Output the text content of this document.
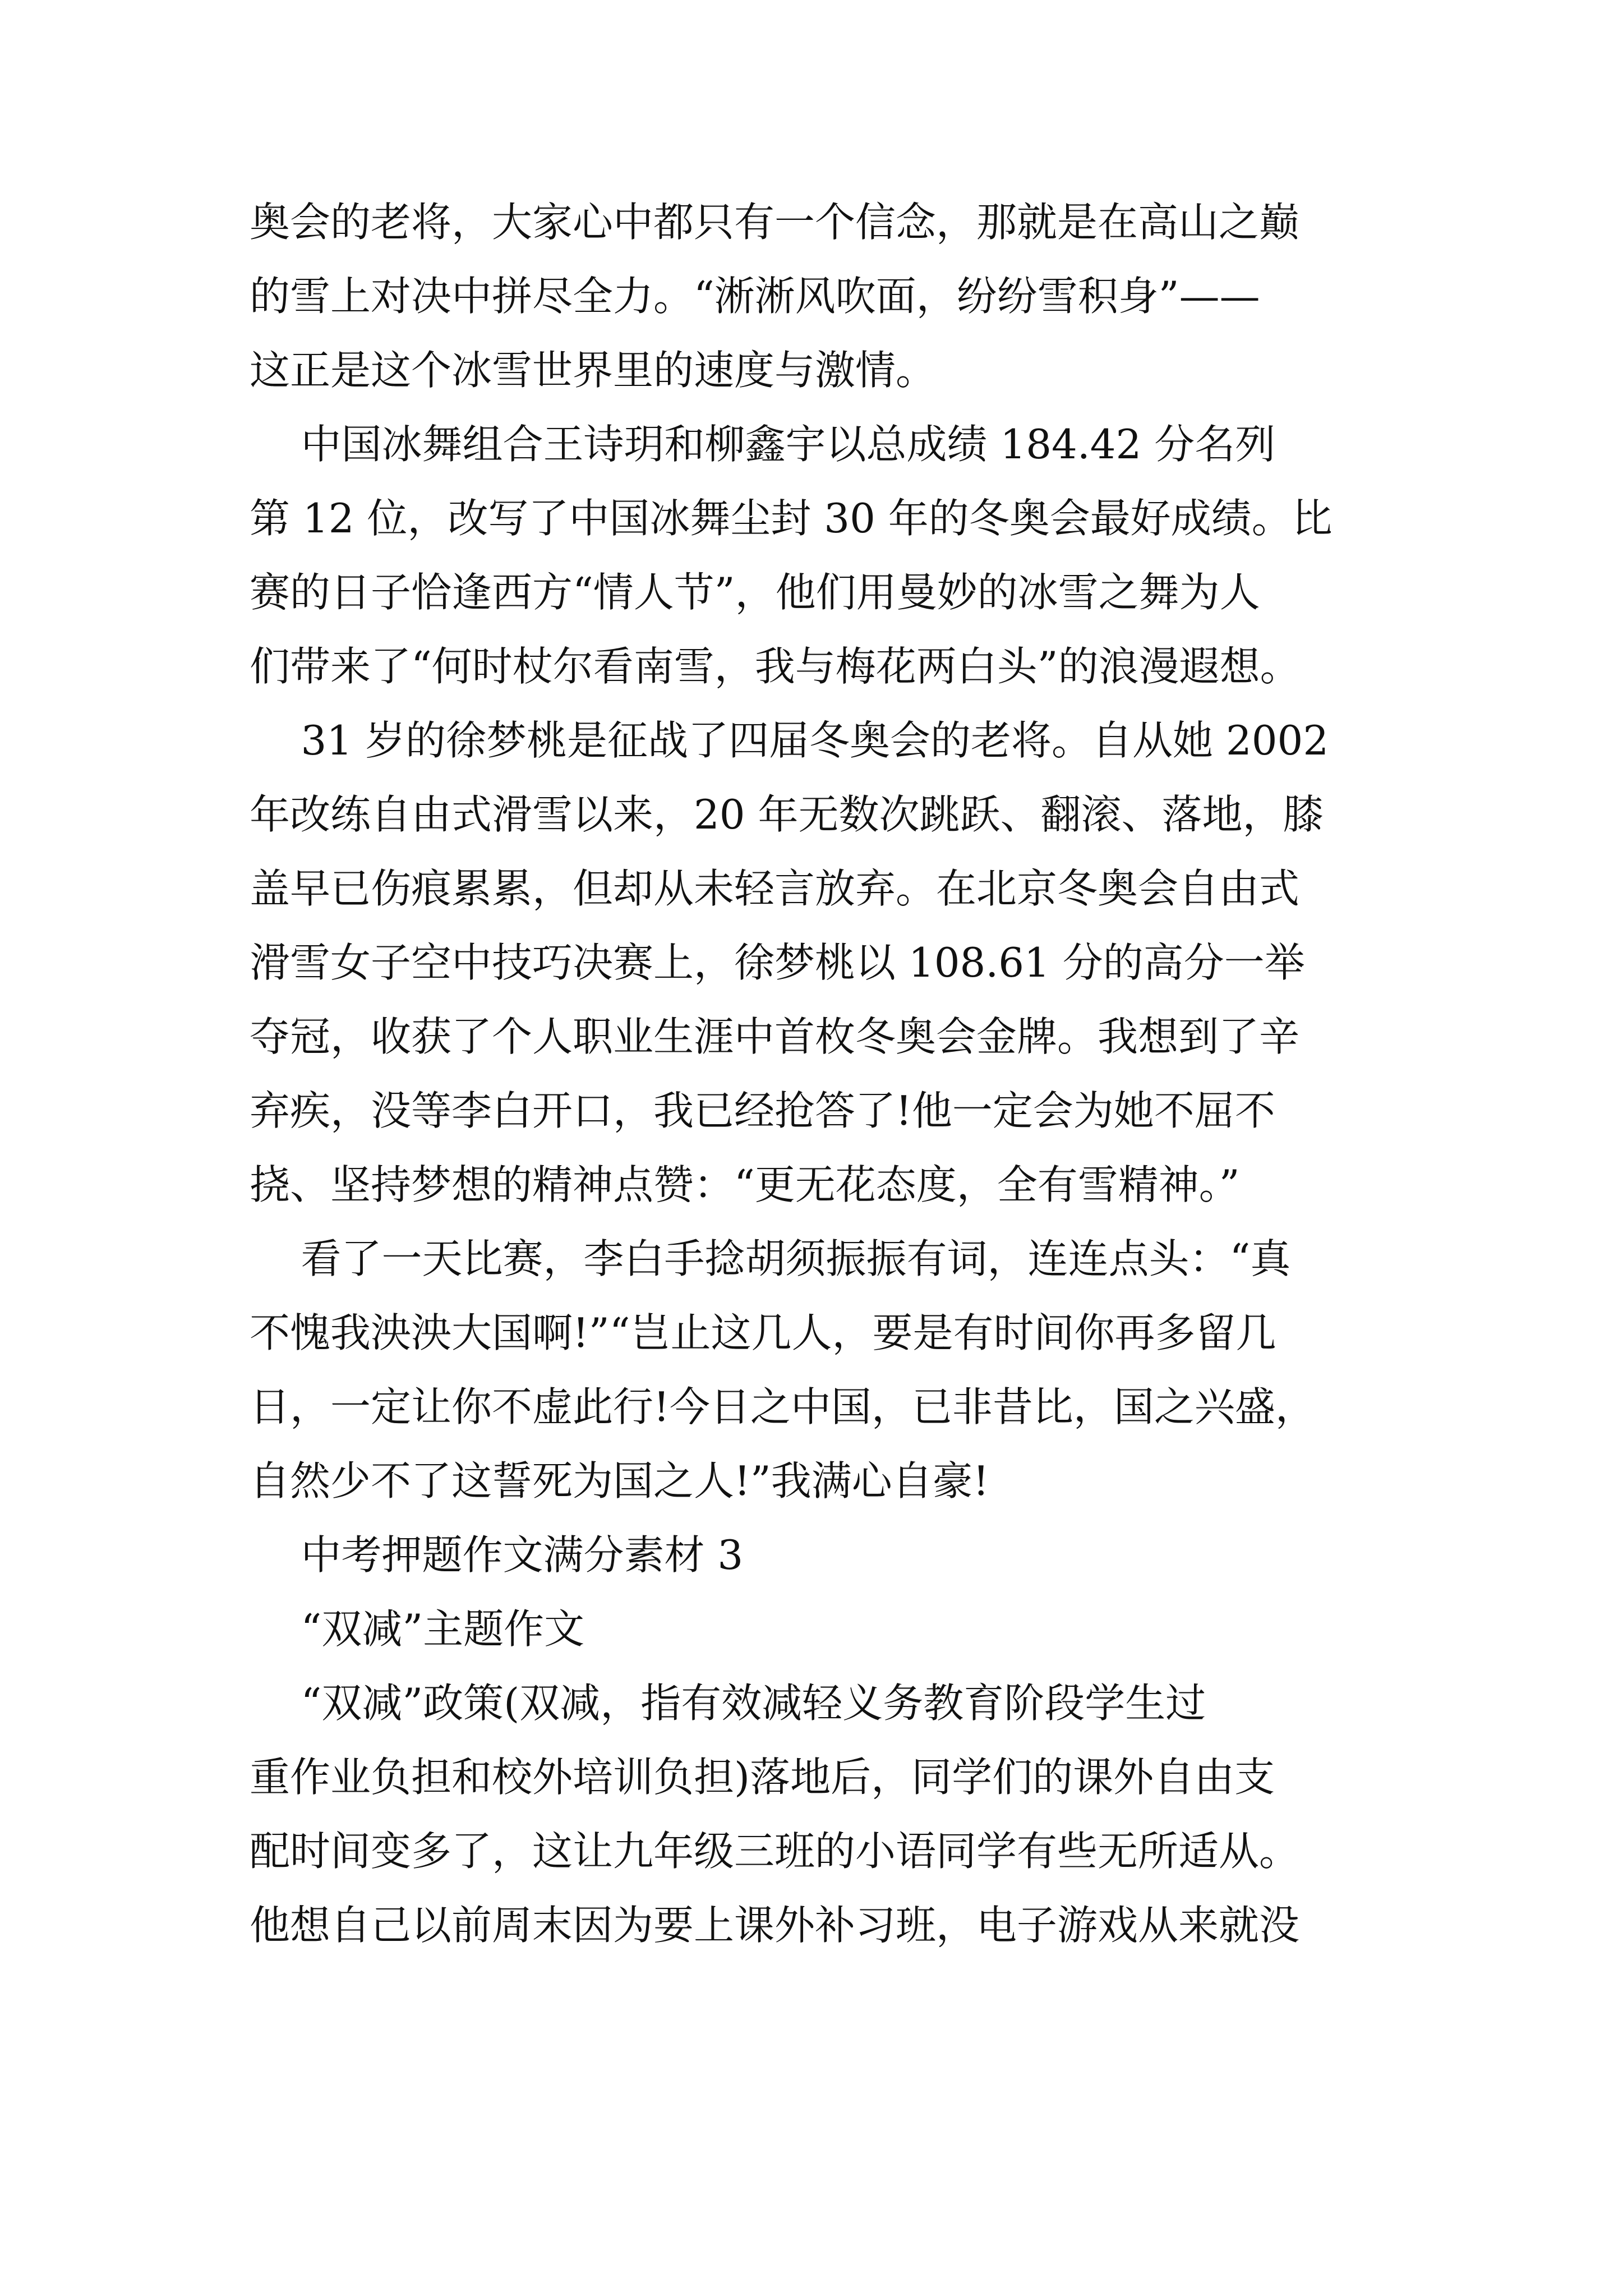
奥会的老将，大家心中都只有一个信念，那就是在高山之巅
的雪上对决中拼尽全力。“淅淅风吹面，纷纷雪积身”——
这正是这个冰雪世界里的速度与激情。
中国冰舞组合王诗玥和柳鑫宇以总成绩 184.42 分名列
第 12 位，改写了中国冰舞尘封 30 年的冬奥会最好成绩。比
赛的日子恰逢西方“情人节”，他们用曼妙的冰雪之舞为人
们带来了“何时杖尔看南雪，我与梅花两白头”的浪漫遐想。
31 岁的徐梦桃是征战了四届冬奥会的老将。自从她 2002
年改练自由式滑雪以来，20 年无数次跳跃、翻滚、落地，膝
盖早已伤痕累累，但却从未轻言放弃。在北京冬奥会自由式
滑雪女子空中技巧决赛上，徐梦桃以 108.61 分的高分一举
夺冠，收获了个人职业生涯中首枚冬奥会金牌。我想到了辛
弃疾，没等李白开口，我已经抢答了!他一定会为她不屈不
挠、坚持梦想的精神点赞：“更无花态度，全有雪精神。”
看了一天比赛，李白手捻胡须振振有词，连连点头：“真
不愧我泱泱大国啊!”“岂止这几人，要是有时间你再多留几
日，一定让你不虚此行!今日之中国，已非昔比，国之兴盛，
自然少不了这誓死为国之人!”我满心自豪!
中考押题作文满分素材 3
“双减”主题作文
“双减”政策(双减，指有效减轻义务教育阶段学生过
重作业负担和校外培训负担)落地后，同学们的课外自由支
配时间变多了，这让九年级三班的小语同学有些无所适从。
他想自己以前周末因为要上课外补习班，电子游戏从来就没
